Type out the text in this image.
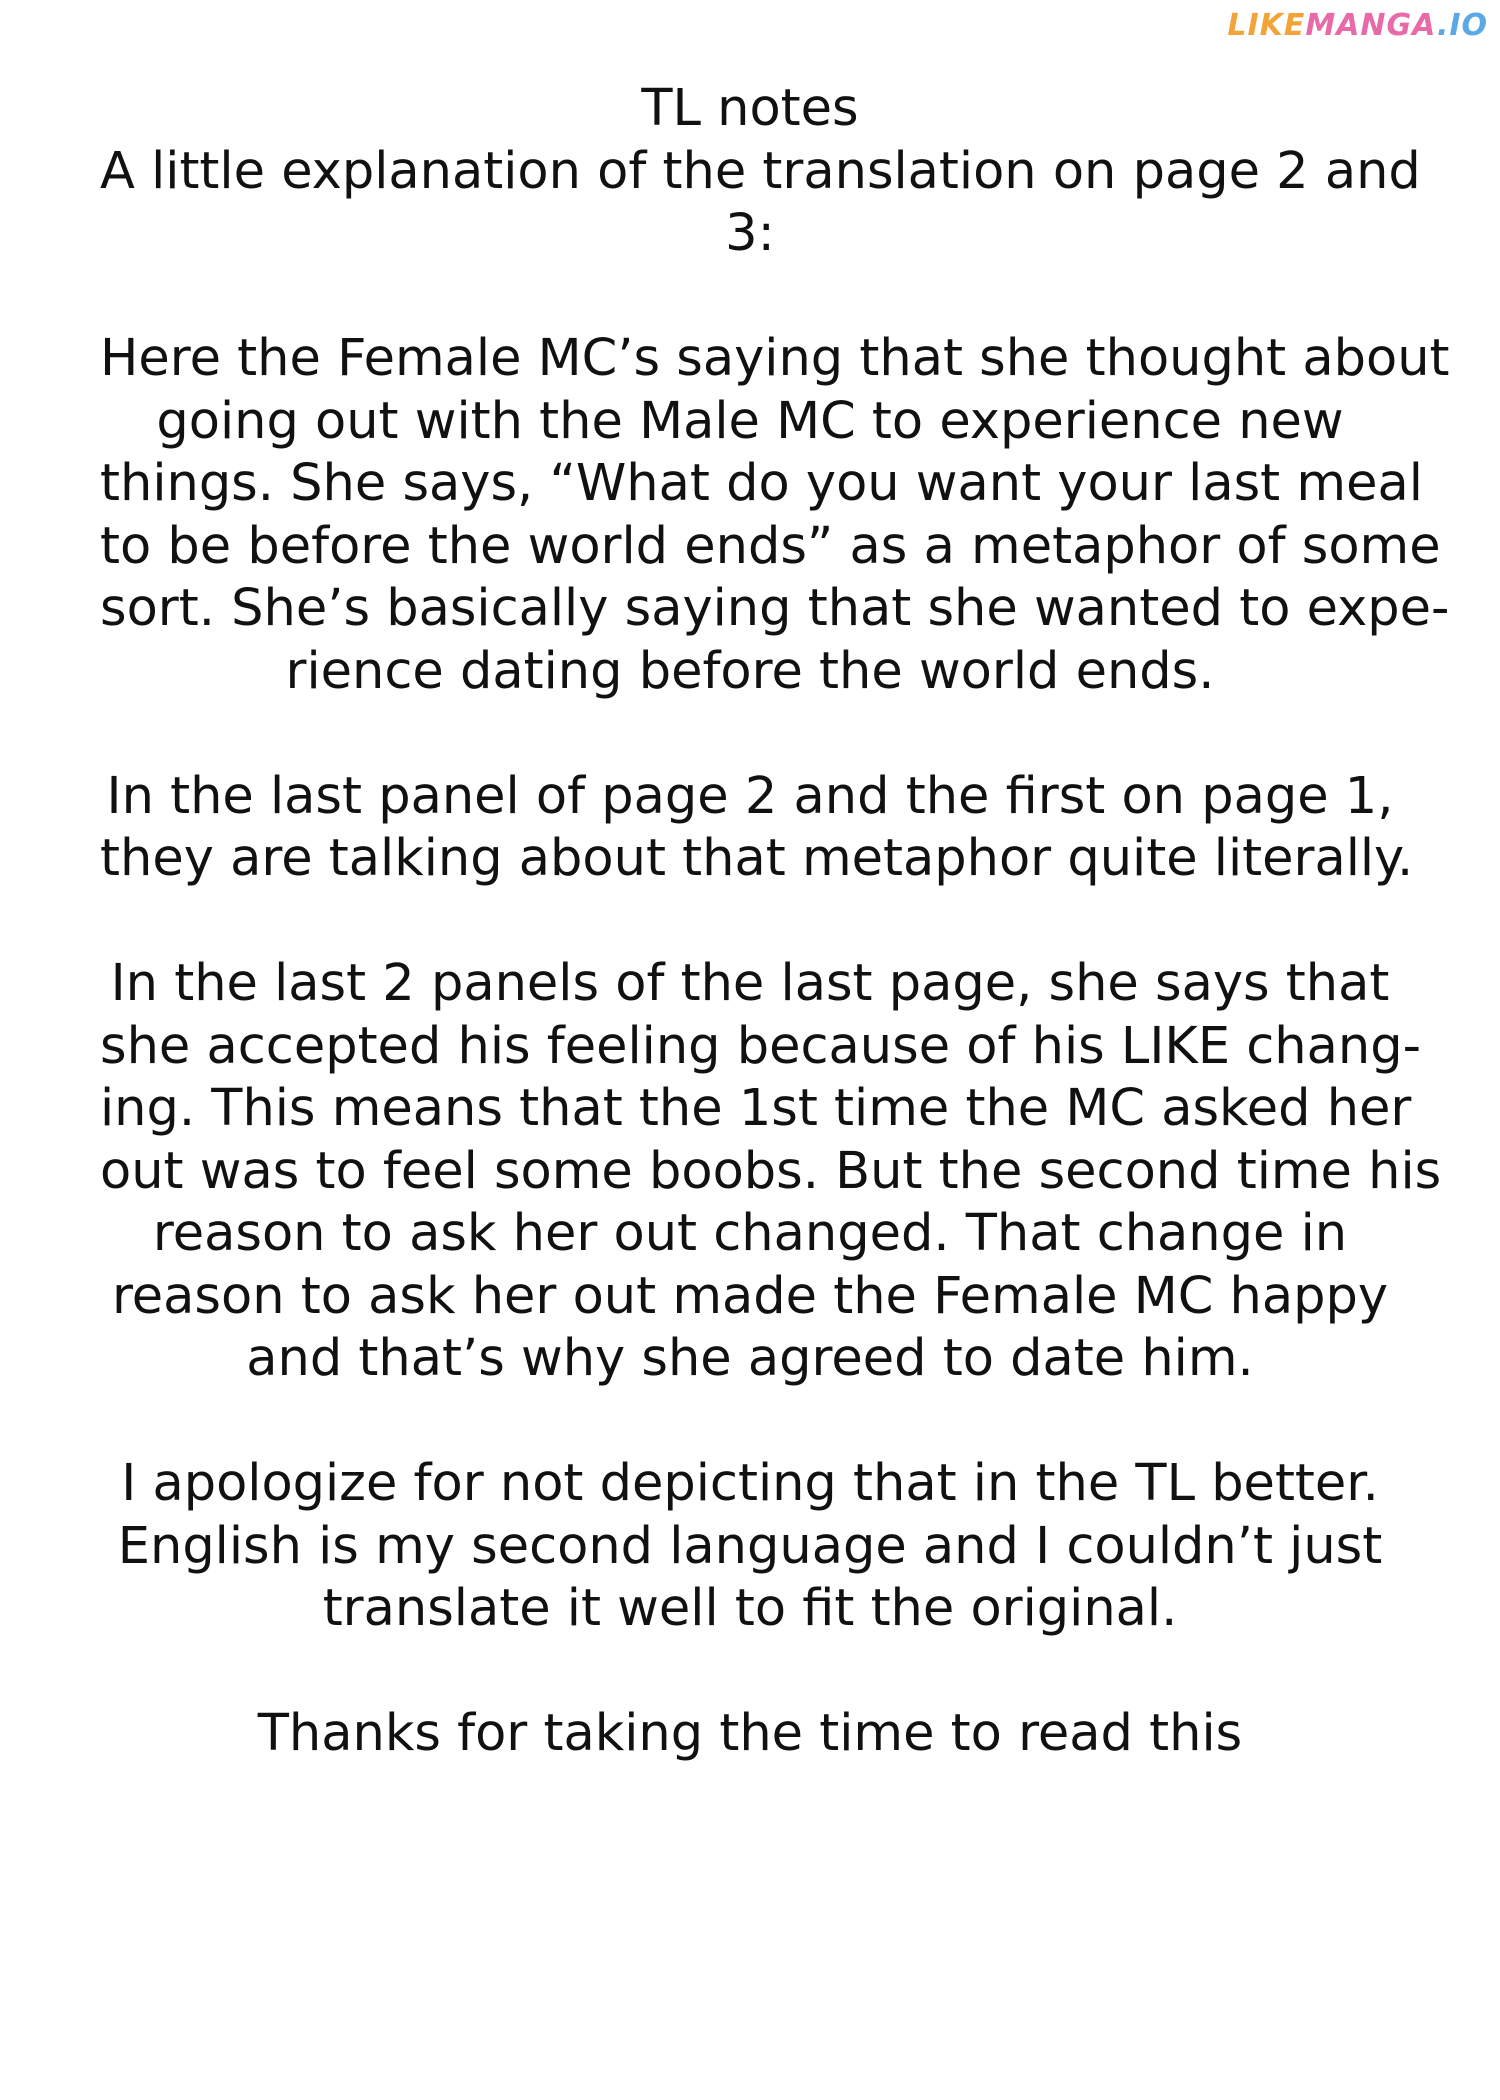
LIKEMANGA.IO
TL notes
A little explanation of the translation on page 2 and
3:
Here the Female MC’s saying that she thought about
going out with the Male MC to experience new
things. She says, “What do you want your last meal
to be before the world ends” as a metaphor of some
sort. She’s basically saying that she wanted to expe-
rience dating before the world ends.
In the last panel of page 2 and the first on page 1,
they are talking about that metaphor quite literally.
In the last 2 panels of the last page, she says that
she accepted his feeling because of his LIKE chang-
ing. This means that the 1st time the MC asked her
out was to feel some boobs. But the second time his
reason to ask her out changed. That change in
reason to ask her out made the Female MC happy
and that’s why she agreed to date him.
I apologize for not depicting that in the TL better.
English is my second language and I couldn’t just
translate it well to fit the original.
Thanks for taking the time to read this
